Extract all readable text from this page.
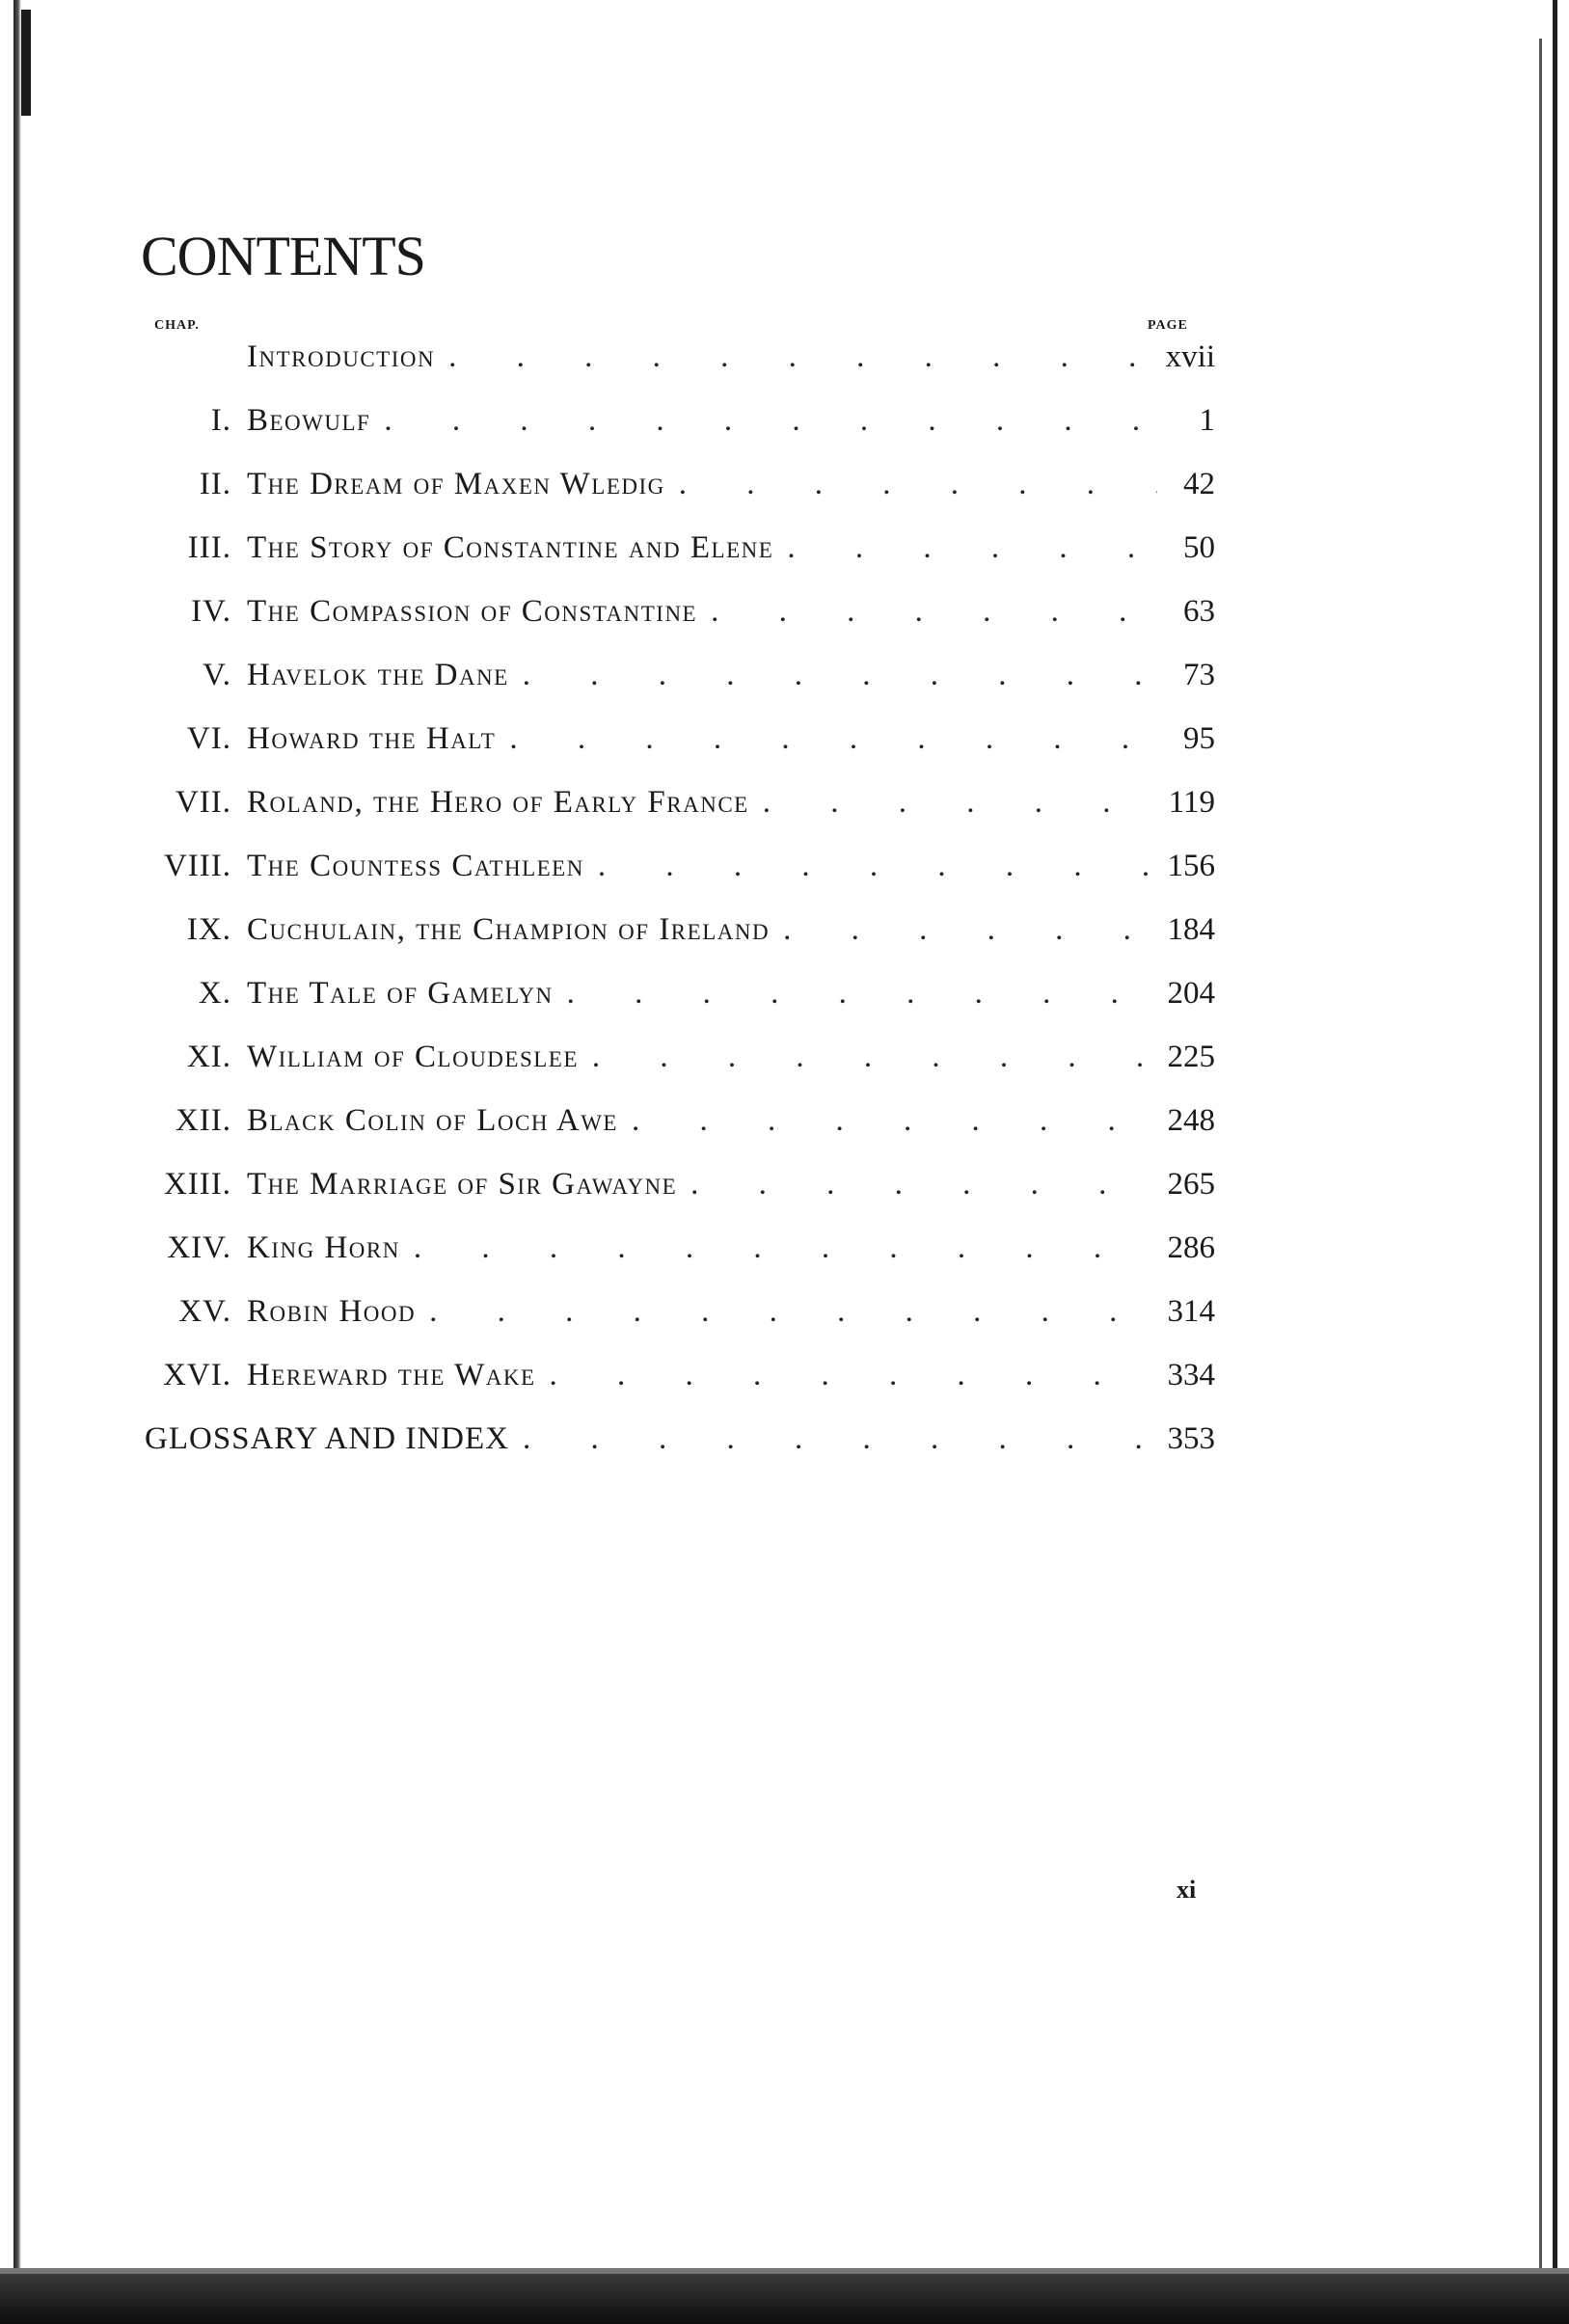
CONTENTS
CHAP.	PAGE
Introduction . . .	xvii
I. Beowulf . . .	1
II. The Dream of Maxen Wledig . . .	42
III. The Story of Constantine and Elene . . .	50
IV. The Compassion of Constantine . . .	63
V. Havelok the Dane . . .	73
VI. Howard the Halt . . .	95
VII. Roland, the Hero of Early France . . .	119
VIII. The Countess Cathleen . . .	156
IX. Cuchulain, the Champion of Ireland . . .	184
X. The Tale of Gamelyn . . .	204
XI. William of Cloudeslee . . .	225
XII. Black Colin of Loch Awe . . .	248
XIII. The Marriage of Sir Gawayne . . .	265
XIV. King Horn . . .	286
XV. Robin Hood . . .	314
XVI. Hereward the Wake . . .	334
GLOSSARY AND INDEX . . .	353
xi
